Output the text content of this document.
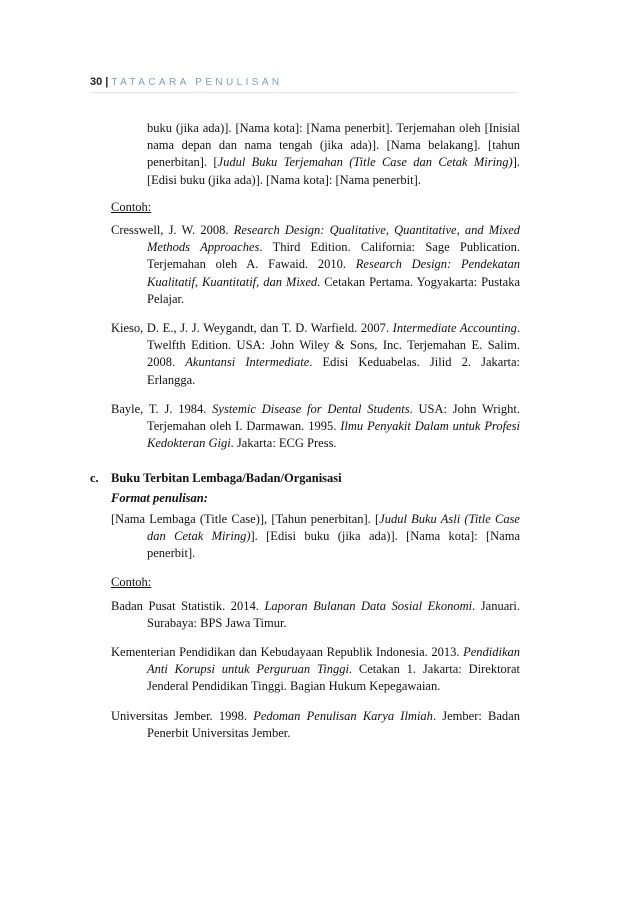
30 | TATACARA PENULISAN

buku (jika ada)]. [Nama kota]: [Nama penerbit]. Terjemahan oleh [Inisial nama depan dan nama tengah (jika ada)]. [Nama belakang]. [tahun penerbitan]. [Judul Buku Terjemahan (Title Case dan Cetak Miring)]. [Edisi buku (jika ada)]. [Nama kota]: [Nama penerbit].

Contoh:

Cresswell, J. W. 2008. Research Design: Qualitative, Quantitative, and Mixed Methods Approaches. Third Edition. California: Sage Publication. Terjemahan oleh A. Fawaid. 2010. Research Design: Pendekatan Kualitatif, Kuantitatif, dan Mixed. Cetakan Pertama. Yogyakarta: Pustaka Pelajar.

Kieso, D. E., J. J. Weygandt, dan T. D. Warfield. 2007. Intermediate Accounting. Twelfth Edition. USA: John Wiley & Sons, Inc. Terjemahan E. Salim. 2008. Akuntansi Intermediate. Edisi Keduabelas. Jilid 2. Jakarta: Erlangga.

Bayle, T. J. 1984. Systemic Disease for Dental Students. USA: John Wright. Terjemahan oleh I. Darmawan. 1995. Ilmu Penyakit Dalam untuk Profesi Kedokteran Gigi. Jakarta: ECG Press.

c. Buku Terbitan Lembaga/Badan/Organisasi

Format penulisan:

[Nama Lembaga (Title Case)], [Tahun penerbitan]. [Judul Buku Asli (Title Case dan Cetak Miring)]. [Edisi buku (jika ada)]. [Nama kota]: [Nama penerbit].

Contoh:

Badan Pusat Statistik. 2014. Laporan Bulanan Data Sosial Ekonomi. Januari. Surabaya: BPS Jawa Timur.

Kementerian Pendidikan dan Kebudayaan Republik Indonesia. 2013. Pendidikan Anti Korupsi untuk Perguruan Tinggi. Cetakan 1. Jakarta: Direktorat Jenderal Pendidikan Tinggi. Bagian Hukum Kepegawaian.

Universitas Jember. 1998. Pedoman Penulisan Karya Ilmiah. Jember: Badan Penerbit Universitas Jember.
